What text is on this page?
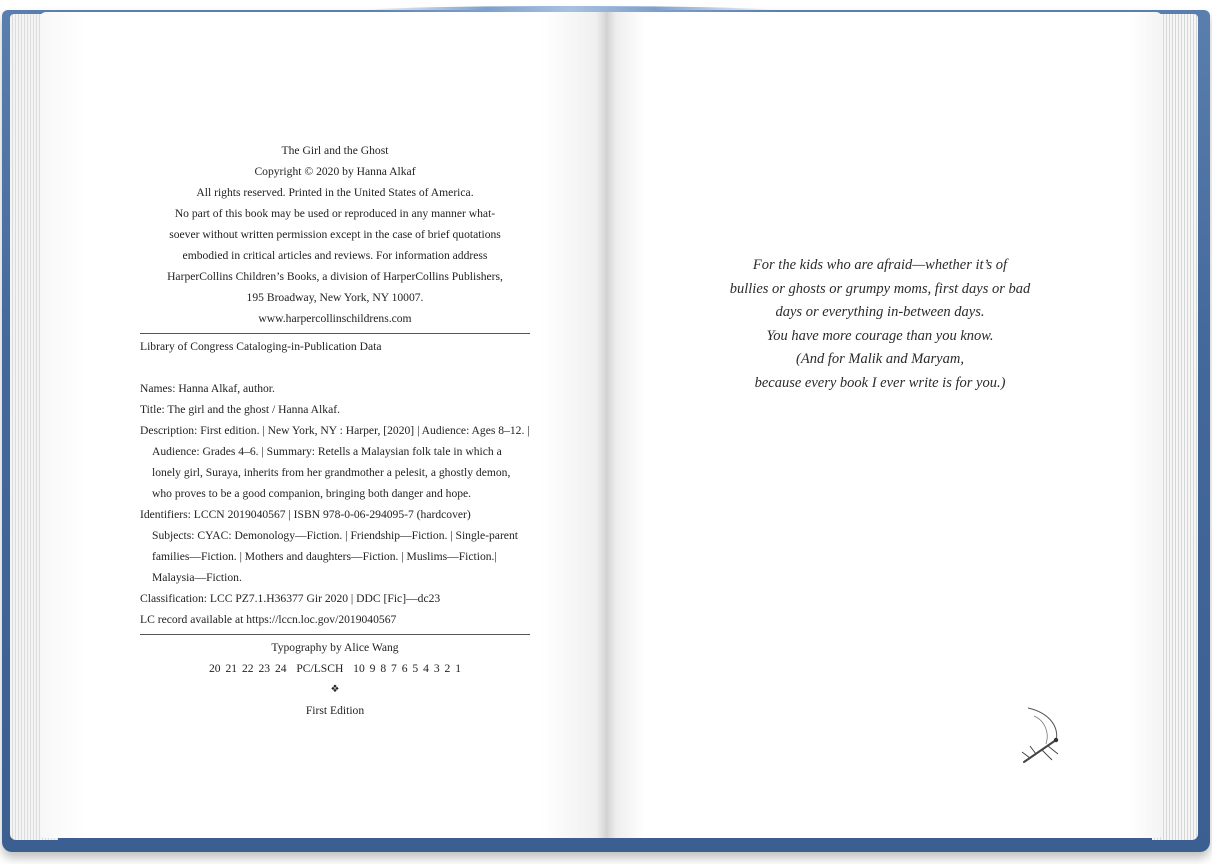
The Girl and the Ghost
Copyright © 2020 by Hanna Alkaf
All rights reserved. Printed in the United States of America.
No part of this book may be used or reproduced in any manner what-
soever without written permission except in the case of brief quotations
embodied in critical articles and reviews. For information address
HarperCollins Children’s Books, a division of HarperCollins Publishers,
195 Broadway, New York, NY 10007.
www.harpercollinschildrens.com
Library of Congress Cataloging-in-Publication Data
Names: Hanna Alkaf, author.
Title: The girl and the ghost / Hanna Alkaf.
Description: First edition. | New York, NY : Harper, [2020] | Audience: Ages 8–12. | Audience: Grades 4–6. | Summary: Retells a Malaysian folk tale in which a lonely girl, Suraya, inherits from her grandmother a pelesit, a ghostly demon, who proves to be a good companion, bringing both danger and hope.
Identifiers: LCCN 2019040567 | ISBN 978-0-06-294095-7 (hardcover)
Subjects: CYAC: Demonology—Fiction. | Friendship—Fiction. | Single-parent families—Fiction. | Mothers and daughters—Fiction. | Muslims—Fiction.| Malaysia—Fiction.
Classification: LCC PZ7.1.H36377 Gir 2020 | DDC [Fic]—dc23
LC record available at https://lccn.loc.gov/2019040567
Typography by Alice Wang
20 21 22 23 24  PC/LSCH  10 9 8 7 6 5 4 3 2 1
❖
First Edition
For the kids who are afraid—whether it’s of
bullies or ghosts or grumpy moms, first days or bad
days or everything in-between days.
You have more courage than you know.
(And for Malik and Maryam,
because every book I ever write is for you.)
